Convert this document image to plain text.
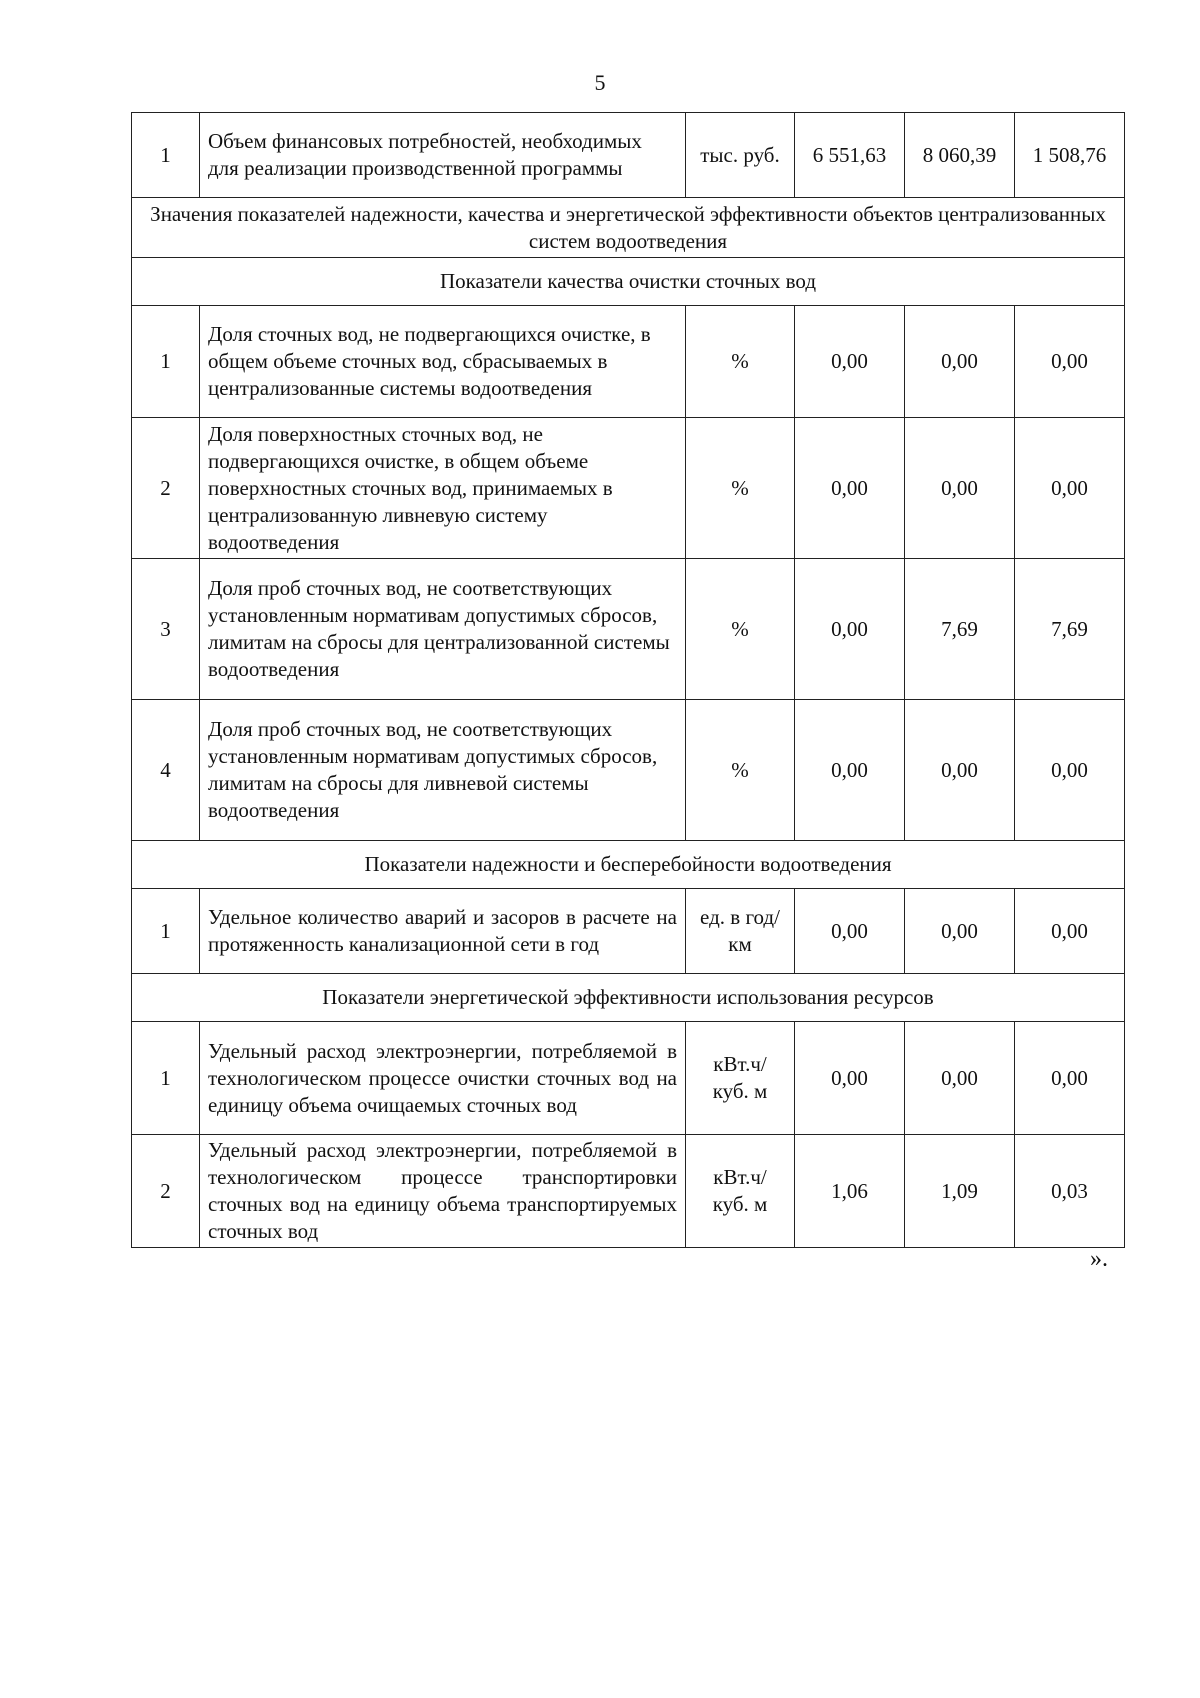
5
1	Объем финансовых потребностей, необходимых для реализации производственной программы	тыс. руб.	6 551,63	8 060,39	1 508,76
Значения показателей надежности, качества и энергетической эффективности объектов централизованных систем водоотведения					
Показатели качества очистки сточных вод					
1	Доля сточных вод, не подвергающихся очистке, в общем объеме сточных вод, сбрасываемых в централизованные системы водоотведения	%	0,00	0,00	0,00
2	Доля поверхностных сточных вод, не подвергающихся очистке, в общем объеме поверхностных сточных вод, принимаемых в централизованную ливневую систему водоотведения	%	0,00	0,00	0,00
3	Доля проб сточных вод, не соответствующих установленным нормативам допустимых сбросов, лимитам на сбросы для централизованной системы водоотведения	%	0,00	7,69	7,69
4	Доля проб сточных вод, не соответствующих установленным нормативам допустимых сбросов, лимитам на сбросы для ливневой системы водоотведения	%	0,00	0,00	0,00
Показатели надежности и бесперебойности водоотведения					
1	Удельное количество аварий и засоров в расчете на протяженность канализационной сети в год	ед. в год/ км	0,00	0,00	0,00
Показатели энергетической эффективности использования ресурсов					
1	Удельный расход электроэнергии, потребляемой в технологическом процессе очистки сточных вод на единицу объема очищаемых сточных вод	кВт.ч/ куб. м	0,00	0,00	0,00
2	Удельный расход электроэнергии, потребляемой в технологическом процессе транспортировки сточных вод на единицу объема транспортируемых сточных вод	кВт.ч/ куб. м	1,06	1,09	0,03
».
